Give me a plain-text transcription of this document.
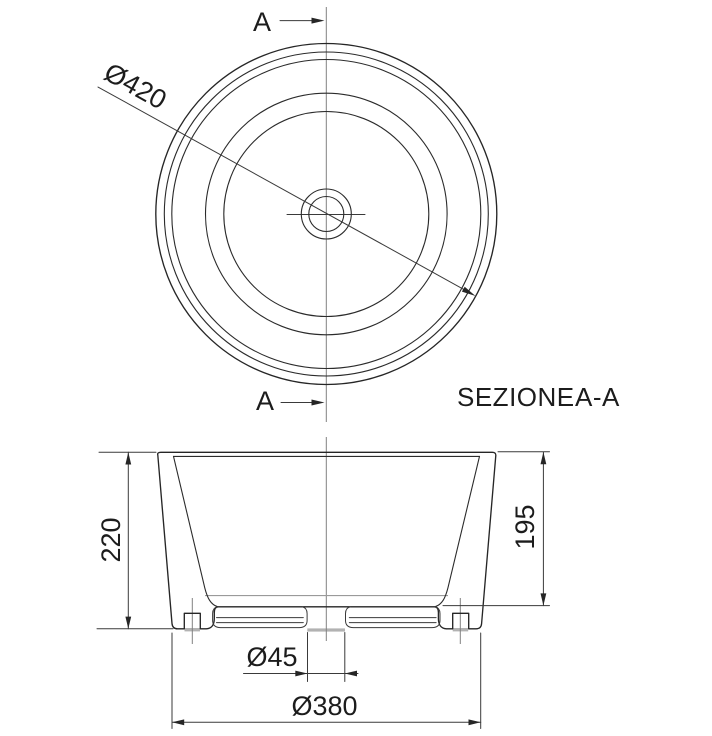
Ø420
A
A	SEZIONE A-A
220	195
Ø45
Ø380
